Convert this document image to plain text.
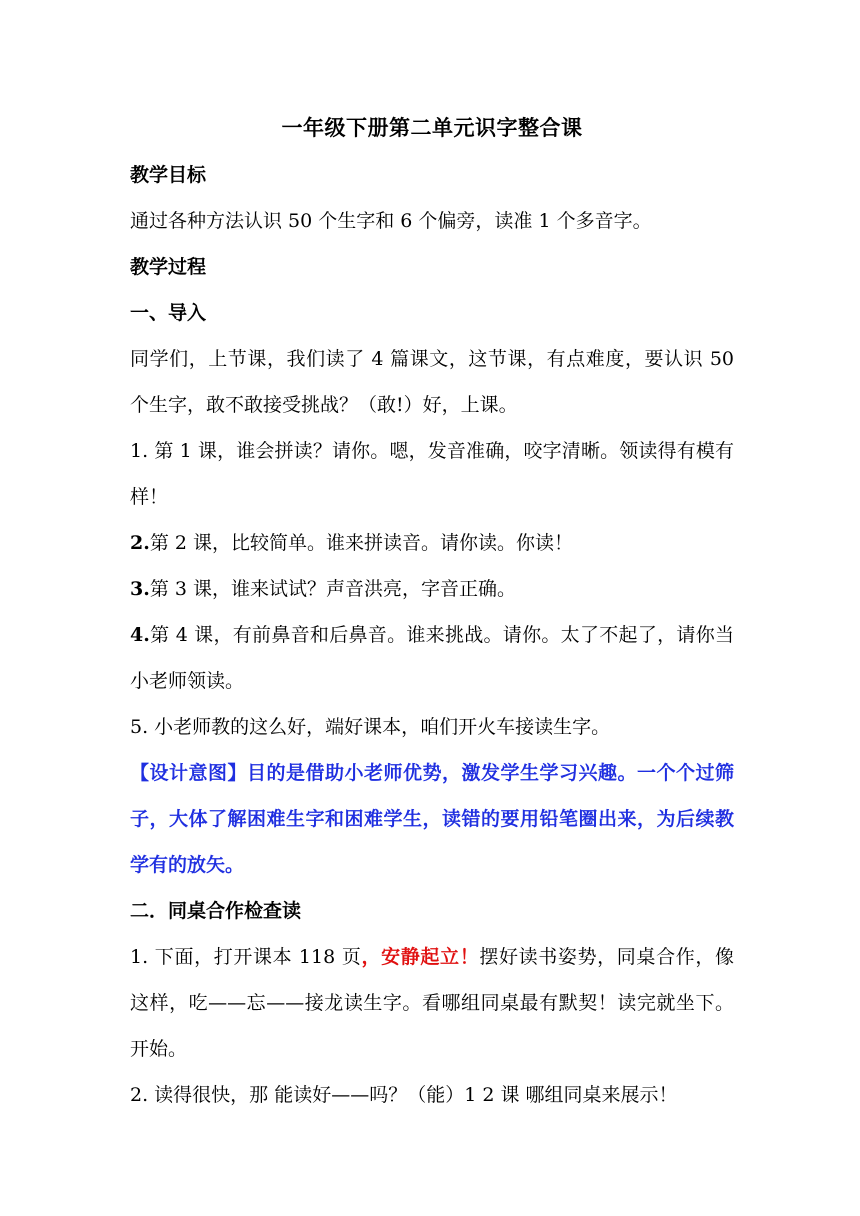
一年级下册第二单元识字整合课
教学目标
通过各种方法认识 50 个生字和 6 个偏旁，读准 1 个多音字。
教学过程
一、导入
同学们，上节课，我们读了 4 篇课文，这节课，有点难度，要认识 50 个生字，敢不敢接受挑战？（敢!）好，上课。
1. 第 1 课，谁会拼读？请你。嗯，发音准确，咬字清晰。领读得有模有样！
2.第 2 课，比较简单。谁来拼读音。请你读。你读！
3.第 3 课，谁来试试？声音洪亮，字音正确。
4.第 4 课，有前鼻音和后鼻音。谁来挑战。请你。太了不起了，请你当小老师领读。
5. 小老师教的这么好，端好课本，咱们开火车接读生字。
【设计意图】目的是借助小老师优势，激发学生学习兴趣。一个个过筛子，大体了解困难生字和困难学生，读错的要用铅笔圈出来，为后续教学有的放矢。
二．同桌合作检查读
1. 下面，打开课本 118 页，安静起立！摆好读书姿势，同桌合作，像这样，吃——忘——接龙读生字。看哪组同桌最有默契！读完就坐下。开始。
2. 读得很快，那 能读好——吗？（能）1 2 课 哪组同桌来展示！
